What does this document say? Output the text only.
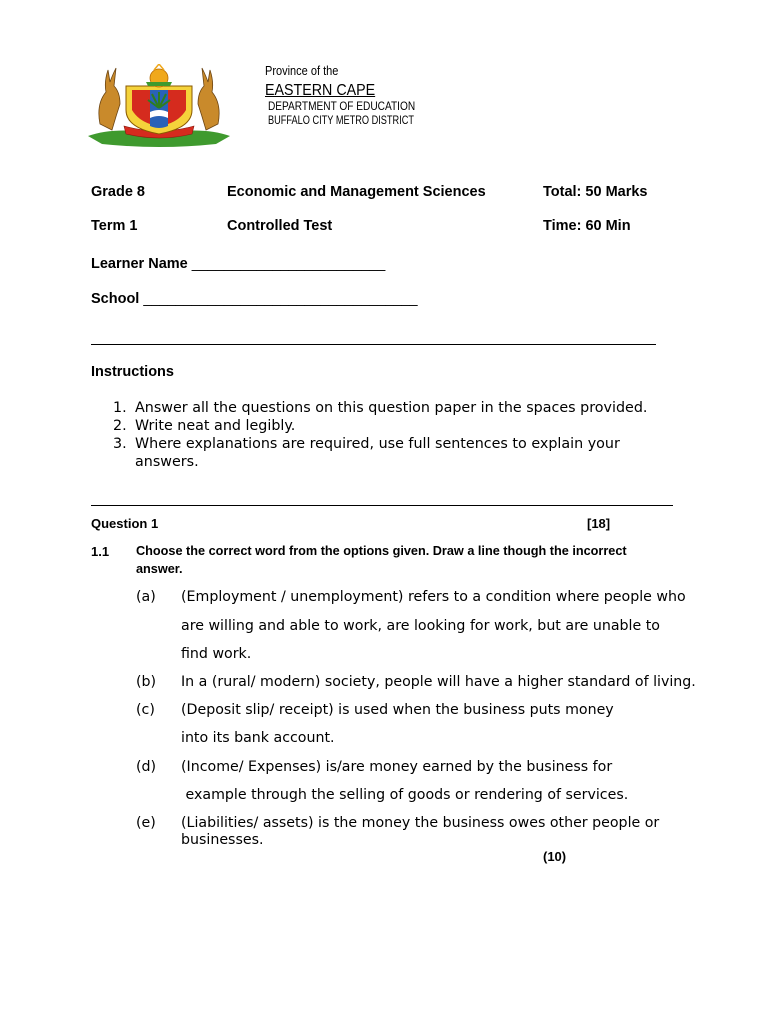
Province of the
EASTERN CAPE
DEPARTMENT OF EDUCATION
BUFFALO CITY METRO DISTRICT
Grade 8	Economic and Management Sciences	Total: 50 Marks
Term 1	Controlled Test	Time: 60 Min
Learner Name ________________________
School __________________________________
Instructions
1. Answer all the questions on this question paper in the spaces provided.
2. Write neat and legibly.
3. Where explanations are required, use full sentences to explain your answers.
Question 1	[18]
1.1 Choose the correct word from the options given. Draw a line though the incorrect
answer.
(a) (Employment / unemployment) refers to a condition where people who
are willing and able to work, are looking for work, but are unable to
find work.
(b) In a (rural/ modern) society, people will have a higher standard of living.
(c) (Deposit slip/ receipt) is used when the business puts money
into its bank account.
(d) (Income/ Expenses) is/are money earned by the business for
example through the selling of goods or rendering of services.
(e) (Liabilities/ assets) is the money the business owes other people or
businesses.
(10)
